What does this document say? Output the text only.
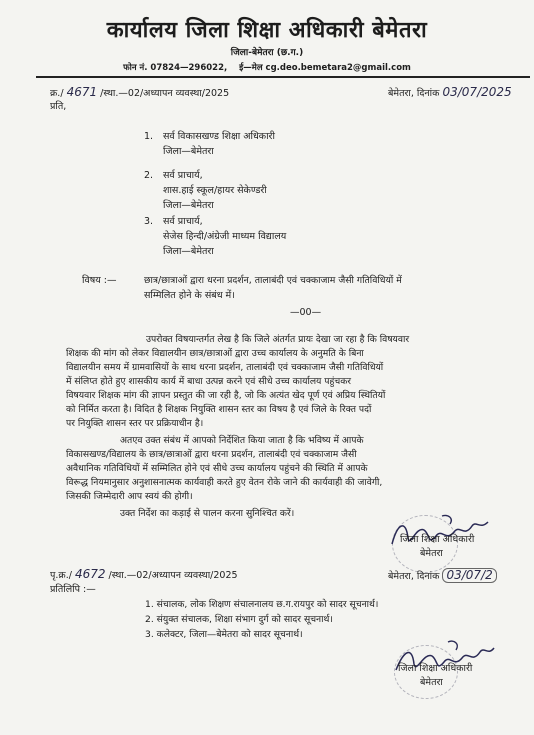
कार्यालय जिला शिक्षा अधिकारी बेमेतरा
जिला-बेमेतरा (छ.ग.)
फोन नं. 07824—296022, ई—मेल cg.deo.bemetara2@gmail.com
क्र./ 4671 /स्था.—02/अध्यापन व्यवस्था/2025	बेमेतरा, दिनांक 03/07/2025
प्रति,
1. सर्व विकासखण्ड शिक्षा अधिकारी
जिला—बेमेतरा
2. सर्व प्राचार्य,
शास.हाई स्कूल/हायर सेकेण्डरी
जिला—बेमेतरा
3. सर्व प्राचार्य,
सेजेस हिन्दी/अंग्रेजी माध्यम विद्यालय
जिला—बेमेतरा
विषय :—	छात्र/छात्राओं द्वारा धरना प्रदर्शन, तालाबंदी एवं चक्काजाम जैसी गतिविधियों में
सम्मिलित होने के संबंध में।
—00—
उपरोक्त विषयान्तर्गत लेख है कि जिले अंतर्गत प्रायः देखा जा रहा है कि विषयवार
शिक्षक की मांग को लेकर विद्यालयीन छात्र/छात्राओं द्वारा उच्च कार्यालय के अनुमति के बिना
विद्यालयीन समय में ग्रामवासियों के साथ धरना प्रदर्शन, तालाबंदी एवं चक्काजाम जैसी गतिविधियों
में संलिप्त होते हुए शासकीय कार्य में बाधा उत्पन्न करने एवं सीधे उच्च कार्यालय पहुंचकर
विषयवार शिक्षक मांग की ज्ञापन प्रस्तुत की जा रही है, जो कि अत्यंत खेद पूर्ण एवं अप्रिय स्थितियों
को निर्मित करता है। विदित है शिक्षक नियुक्ति शासन स्तर का विषय है एवं जिले के रिक्त पदों
पर नियुक्ति शासन स्तर पर प्रक्रियाधीन है।
अतएव उक्त संबंध में आपको निर्देशित किया जाता है कि भविष्य में आपके
विकासखण्ड/विद्यालय के छात्र/छात्राओं द्वारा धरना प्रदर्शन, तालाबंदी एवं चक्काजाम जैसी
अवैधानिक गतिविधियों में सम्मिलित होने एवं सीधे उच्च कार्यालय पहुंचने की स्थिति में आपके
विरूद्ध नियमानुसार अनुशासनात्मक कार्यवाही करते हुए वेतन रोके जाने की कार्यवाही की जावेगी,
जिसकी जिम्मेदारी आप स्वयं की होगी।
उक्त निर्देश का कड़ाई से पालन करना सुनिश्चित करें।
जिला शिक्षा अधिकारी
बेमेतरा
पृ.क्र./ 4672 /स्था.—02/अध्यापन व्यवस्था/2025	बेमेतरा, दिनांक 03/07/2
प्रतिलिपि :—
1. संचालक, लोक शिक्षण संचालनालय छ.ग.रायपुर को सादर सूचनार्थ।
2. संयुक्त संचालक, शिक्षा संभाग दुर्ग को सादर सूचनार्थ।
3. कलेक्टर, जिला—बेमेतरा को सादर सूचनार्थ।
जिला शिक्षा अधिकारी
बेमेतरा
